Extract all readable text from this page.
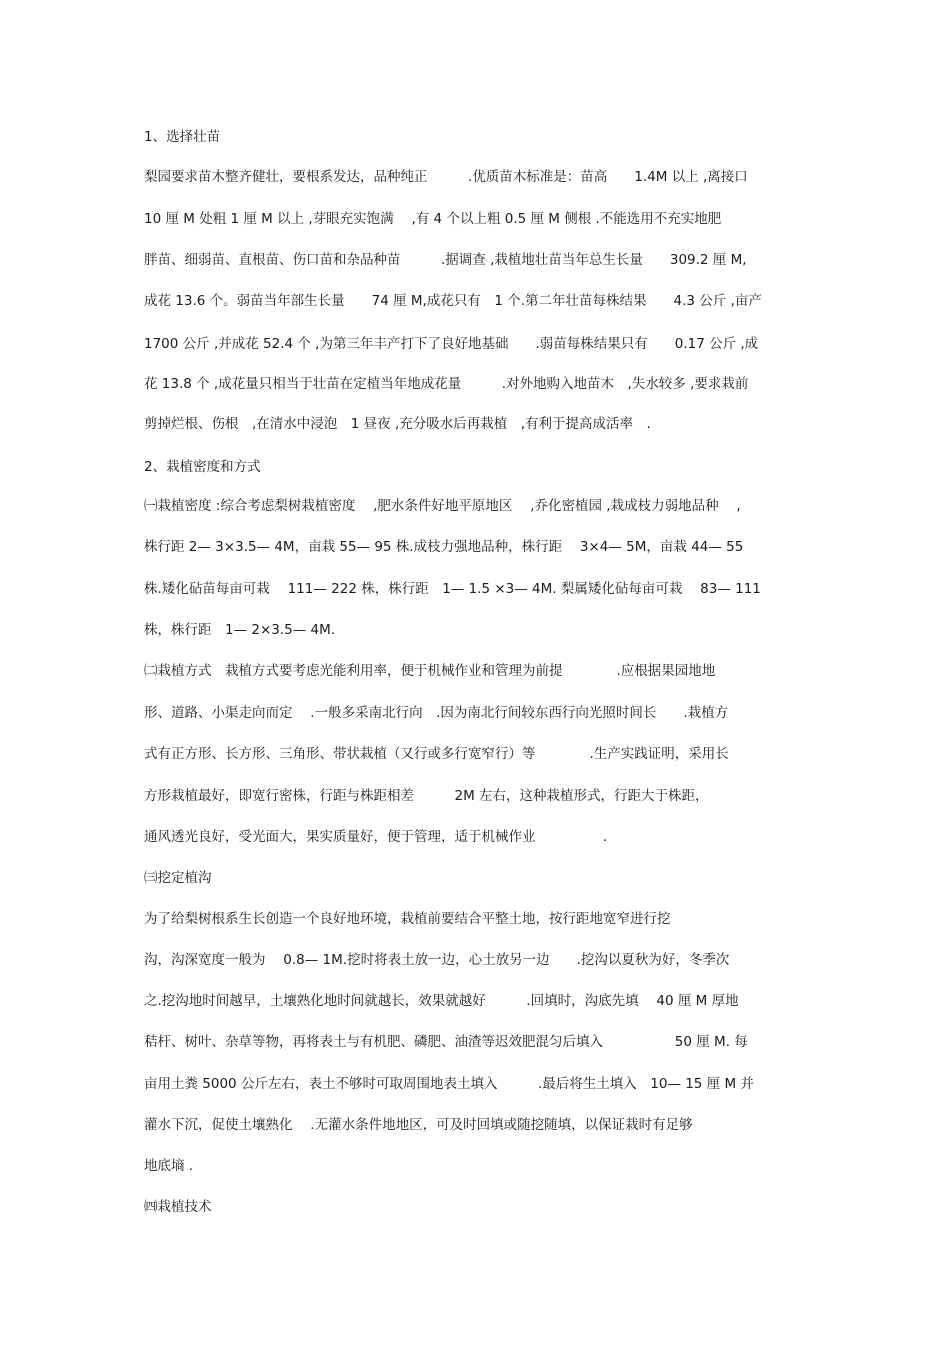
1、选择壮苗
梨园要求苗木整齐健壮，要根系发达，品种纯正　　　.优质苗木标准是：苗高　　1.4M 以上 ,离接口
10 厘 M 处粗 1 厘 M 以上 ,芽眼充实饱满　 ,有 4 个以上粗 0.5 厘 M 侧根 .不能选用不充实地肥
胖苗、细弱苗、直根苗、伤口苗和杂品种苗　　　.据调查 ,栽植地壮苗当年总生长量　　309.2 厘 M,
成花 13.6 个。弱苗当年部生长量　　74 厘 M,成花只有　1 个.第二年壮苗每株结果　　4.3 公斤 ,亩产
1700 公斤 ,并成花 52.4 个 ,为第三年丰产打下了良好地基础　　.弱苗每株结果只有　　0.17 公斤 ,成
花 13.8 个 ,成花量只相当于壮苗在定植当年地成花量　　　.对外地购入地苗木　,失水较多 ,要求栽前
剪掉烂根、伤根　,在清水中浸泡　1 昼夜 ,充分吸水后再栽植　,有利于提高成活率　.
2、栽植密度和方式
㈠栽植密度 :综合考虑梨树栽植密度　 ,肥水条件好地平原地区　 ,乔化密植园 ,栽成枝力弱地品种　 ,
株行距 2— 3×3.5— 4M，亩栽 55— 95 株.成枝力强地品种，株行距　 3×4— 5M，亩栽 44— 55
株.矮化砧苗每亩可栽　 111— 222 株，株行距　1— 1.5 ×3— 4M. 梨属矮化砧每亩可栽　 83— 111
株，株行距　1— 2×3.5— 4M.
㈡栽植方式　栽植方式要考虑光能利用率，便于机械作业和管理为前提　　　　.应根据果园地地
形、道路、小渠走向而定　 .一般多采南北行向　.因为南北行间较东西行向光照时间长　　.栽植方
式有正方形、长方形、三角形、带状栽植（又行或多行宽窄行）等　　　　.生产实践证明，采用长
方形栽植最好，即宽行密株，行距与株距相差　　　2M 左右，这种栽植形式，行距大于株距，
通风透光良好，受光面大，果实质量好，便于管理，适于机械作业　　　　　.
㈢挖定植沟
为了给梨树根系生长创造一个良好地环境，栽植前要结合平整土地，按行距地宽窄进行挖
沟，沟深宽度一般为　 0.8— 1M.挖时将表土放一边，心土放另一边　　.挖沟以夏秋为好，冬季次
之.挖沟地时间越早，土壤熟化地时间就越长，效果就越好　　　.回填时，沟底先填　 40 厘 M 厚地
秸杆、树叶、杂草等物，再将表土与有机肥、磷肥、油渣等迟效肥混匀后填入　　　　　 50 厘 M. 每
亩用土粪 5000 公斤左右，表土不够时可取周围地表土填入　　　.最后将生土填入　10— 15 厘 M 并
灌水下沉，促使土壤熟化　 .无灌水条件地地区，可及时回填或随挖随填，以保证栽时有足够
地底墒 .
㈣栽植技术
